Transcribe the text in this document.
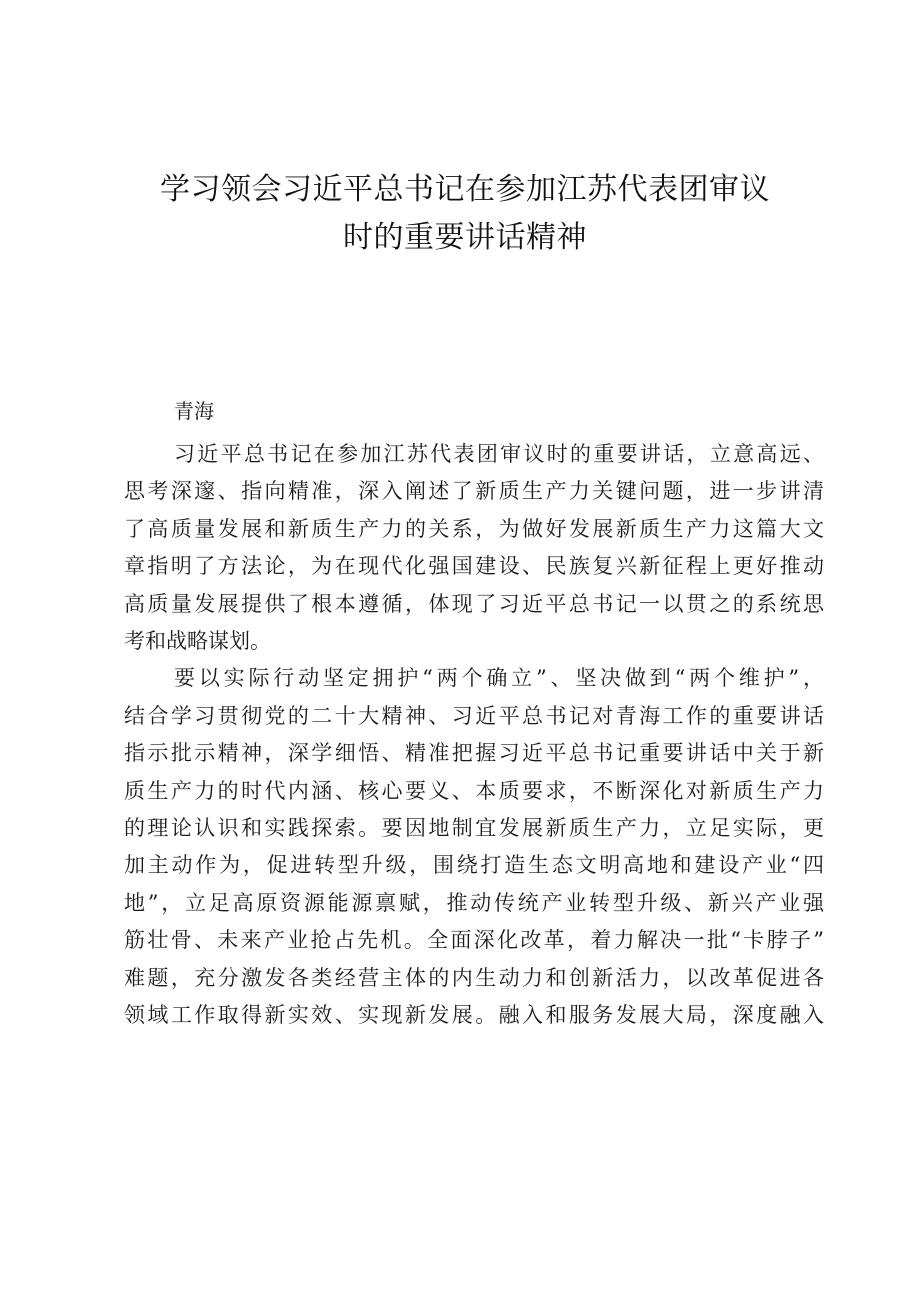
学习领会习近平总书记在参加江苏代表团审议
时的重要讲话精神

青海

习近平总书记在参加江苏代表团审议时的重要讲话，立意高远、
思考深邃、指向精准，深入阐述了新质生产力关键问题，进一步讲清
了高质量发展和新质生产力的关系，为做好发展新质生产力这篇大文
章指明了方法论，为在现代化强国建设、民族复兴新征程上更好推动
高质量发展提供了根本遵循，体现了习近平总书记一以贯之的系统思
考和战略谋划。

要以实际行动坚定拥护“两个确立”、坚决做到“两个维护”，
结合学习贯彻党的二十大精神、习近平总书记对青海工作的重要讲话
指示批示精神，深学细悟、精准把握习近平总书记重要讲话中关于新
质生产力的时代内涵、核心要义、本质要求，不断深化对新质生产力
的理论认识和实践探索。要因地制宜发展新质生产力，立足实际，更
加主动作为，促进转型升级，围绕打造生态文明高地和建设产业“四
地”，立足高原资源能源禀赋，推动传统产业转型升级、新兴产业强
筋壮骨、未来产业抢占先机。全面深化改革，着力解决一批“卡脖子”
难题，充分激发各类经营主体的内生动力和创新活力，以改革促进各
领域工作取得新实效、实现新发展。融入和服务发展大局，深度融入
